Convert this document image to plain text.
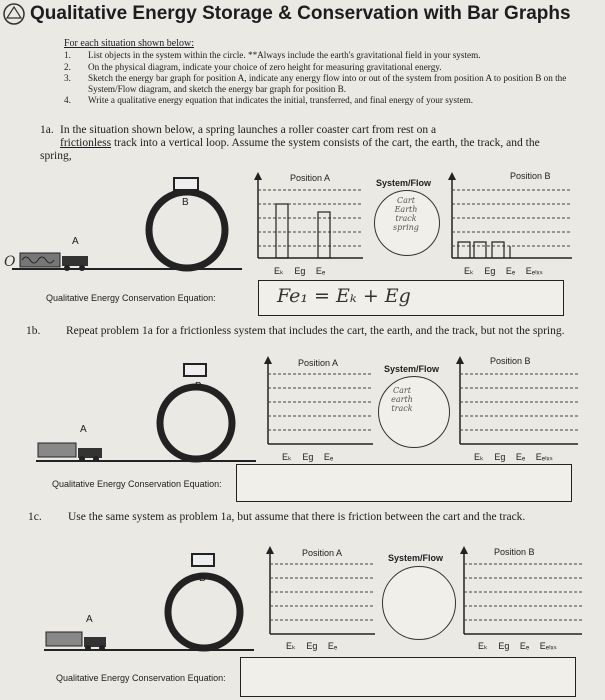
Qualitative Energy Storage & Conservation with Bar Graphs
For each situation shown below:
1.	List objects in the system within the circle. **Always include the earth's gravitational field in your system.
2.	On the physical diagram, indicate your choice of zero height for measuring gravitational energy.
3.	Sketch the energy bar graph for position A, indicate any energy flow into or out of the system from position A to position B on the System/Flow diagram, and sketch the energy bar graph for position B.
4.	Write a qualitative energy equation that indicates the initial, transferred, and final energy of your system.
1a. In the situation shown below, a spring launches a roller coaster cart from rest on a
frictionless track into a vertical loop. Assume the system consists of the cart, the earth, the track, and the spring,
O
A
B
Position A
Eₖ Eɡ Eₑ
System/Flow
Cart
Earth
track
spring
Position B
Eₖ Eɡ Eₑ Eₑₗₓₛ
Qualitative Energy Conservation Equation:	Fe₁ = Eₖ + Eg
1b. Repeat problem 1a for a frictionless system that includes the cart, the earth, and the track, but not the spring.
A
B
Position A
Eₖ Eɡ Eₑ
System/Flow
Cart
earth
track
Position B
Eₖ Eɡ Eₑ Eₑₗₓₛ
Qualitative Energy Conservation Equation:
1c. Use the same system as problem 1a, but assume that there is friction between the cart and the track.
A
B
Position A
Eₖ Eɡ Eₑ
System/Flow
Position B
Eₖ Eɡ Eₑ Eₑₗₓₛ
Qualitative Energy Conservation Equation:
